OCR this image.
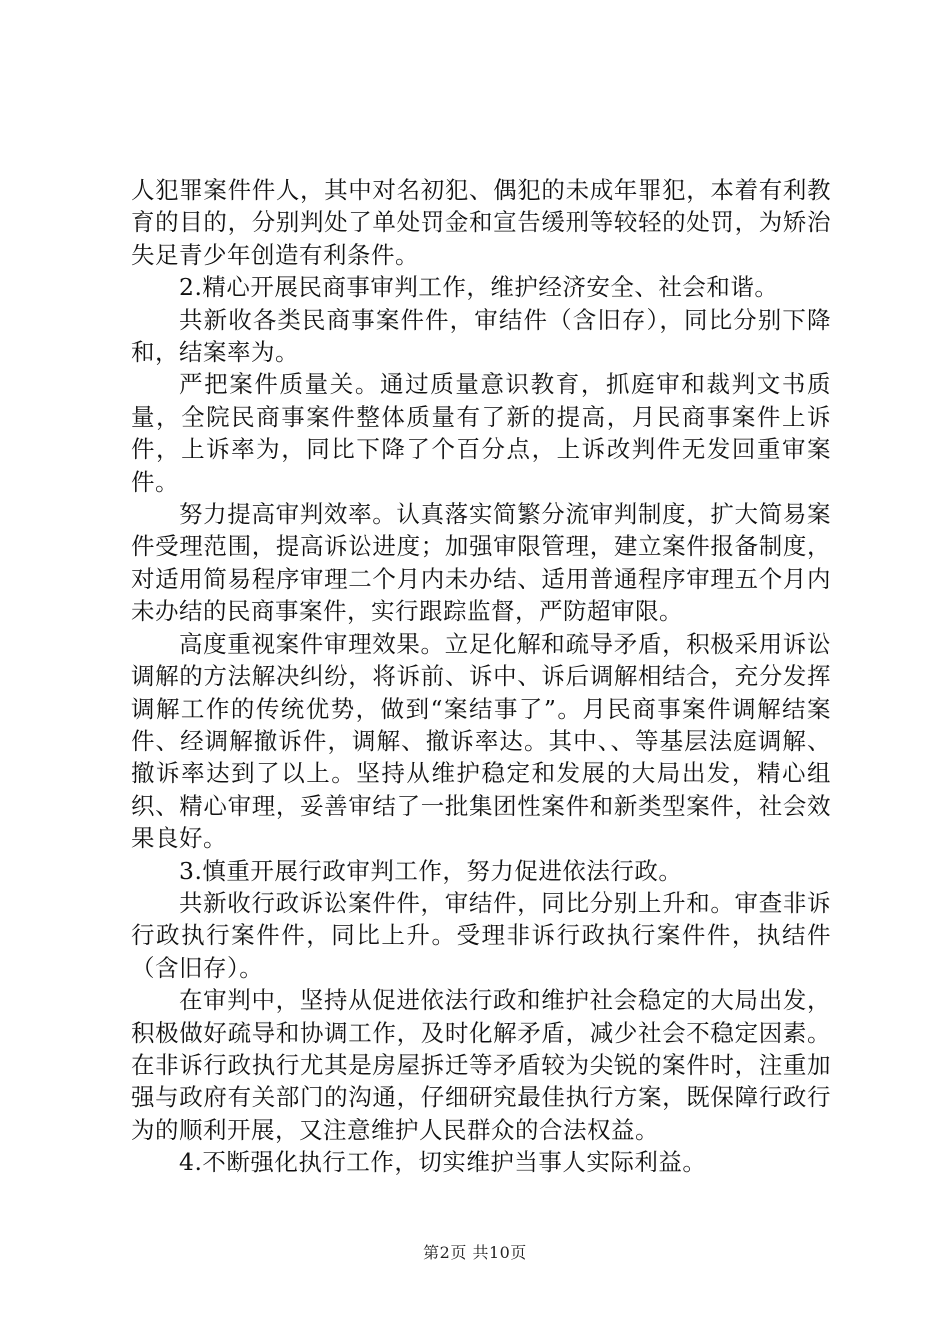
人犯罪案件件人，其中对名初犯、偶犯的未成年罪犯，本着有利教育的目的，分别判处了单处罚金和宣告缓刑等较轻的处罚，为矫治失足青少年创造有利条件。

2.精心开展民商事审判工作，维护经济安全、社会和谐。

共新收各类民商事案件件，审结件（含旧存），同比分别下降和，结案率为。

严把案件质量关。通过质量意识教育，抓庭审和裁判文书质量，全院民商事案件整体质量有了新的提高，月民商事案件上诉件，上诉率为，同比下降了个百分点，上诉改判件无发回重审案件。

努力提高审判效率。认真落实简繁分流审判制度，扩大简易案件受理范围，提高诉讼进度；加强审限管理，建立案件报备制度，对适用简易程序审理二个月内未办结、适用普通程序审理五个月内未办结的民商事案件，实行跟踪监督，严防超审限。

高度重视案件审理效果。立足化解和疏导矛盾，积极采用诉讼调解的方法解决纠纷，将诉前、诉中、诉后调解相结合，充分发挥调解工作的传统优势，做到“案结事了”。月民商事案件调解结案件、经调解撤诉件，调解、撤诉率达。其中、、等基层法庭调解、撤诉率达到了以上。坚持从维护稳定和发展的大局出发，精心组织、精心审理，妥善审结了一批集团性案件和新类型案件，社会效果良好。

3.慎重开展行政审判工作，努力促进依法行政。

共新收行政诉讼案件件，审结件，同比分别上升和。审查非诉行政执行案件件，同比上升。受理非诉行政执行案件件，执结件（含旧存）。

在审判中，坚持从促进依法行政和维护社会稳定的大局出发，积极做好疏导和协调工作，及时化解矛盾，减少社会不稳定因素。在非诉行政执行尤其是房屋拆迁等矛盾较为尖锐的案件时，注重加强与政府有关部门的沟通，仔细研究最佳执行方案，既保障行政行为的顺利开展，又注意维护人民群众的合法权益。

4.不断强化执行工作，切实维护当事人实际利益。

第2页 共10页
